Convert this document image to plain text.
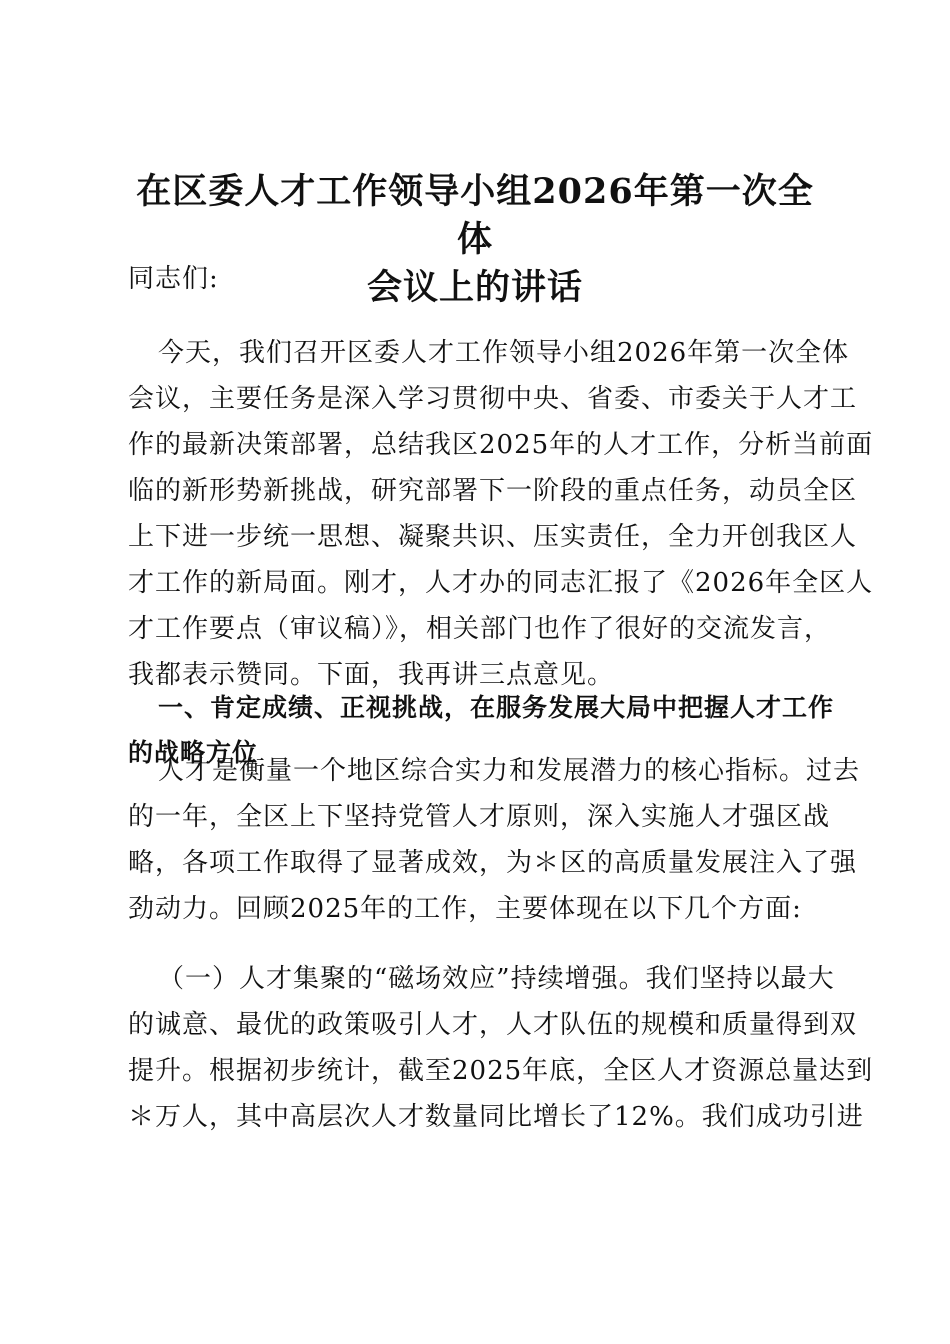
在区委人才工作领导小组2026年第一次全体
会议上的讲话

同志们:

今天，我们召开区委人才工作领导小组2026年第一次全体
会议，主要任务是深入学习贯彻中央、省委、市委关于人才工
作的最新决策部署，总结我区2025年的人才工作，分析当前面
临的新形势新挑战，研究部署下一阶段的重点任务，动员全区
上下进一步统一思想、凝聚共识、压实责任，全力开创我区人
才工作的新局面。刚才，人才办的同志汇报了《2026年全区人
才工作要点（审议稿）》，相关部门也作了很好的交流发言，
我都表示赞同。下面，我再讲三点意见。

一、肯定成绩、正视挑战，在服务发展大局中把握人才工作
的战略方位

人才是衡量一个地区综合实力和发展潜力的核心指标。过去
的一年，全区上下坚持党管人才原则，深入实施人才强区战
略，各项工作取得了显著成效，为＊区的高质量发展注入了强
劲动力。回顾2025年的工作，主要体现在以下几个方面:

（一）人才集聚的“磁场效应”持续增强。我们坚持以最大
的诚意、最优的政策吸引人才，人才队伍的规模和质量得到双
提升。根据初步统计，截至2025年底，全区人才资源总量达到
＊万人，其中高层次人才数量同比增长了12%。我们成功引进
